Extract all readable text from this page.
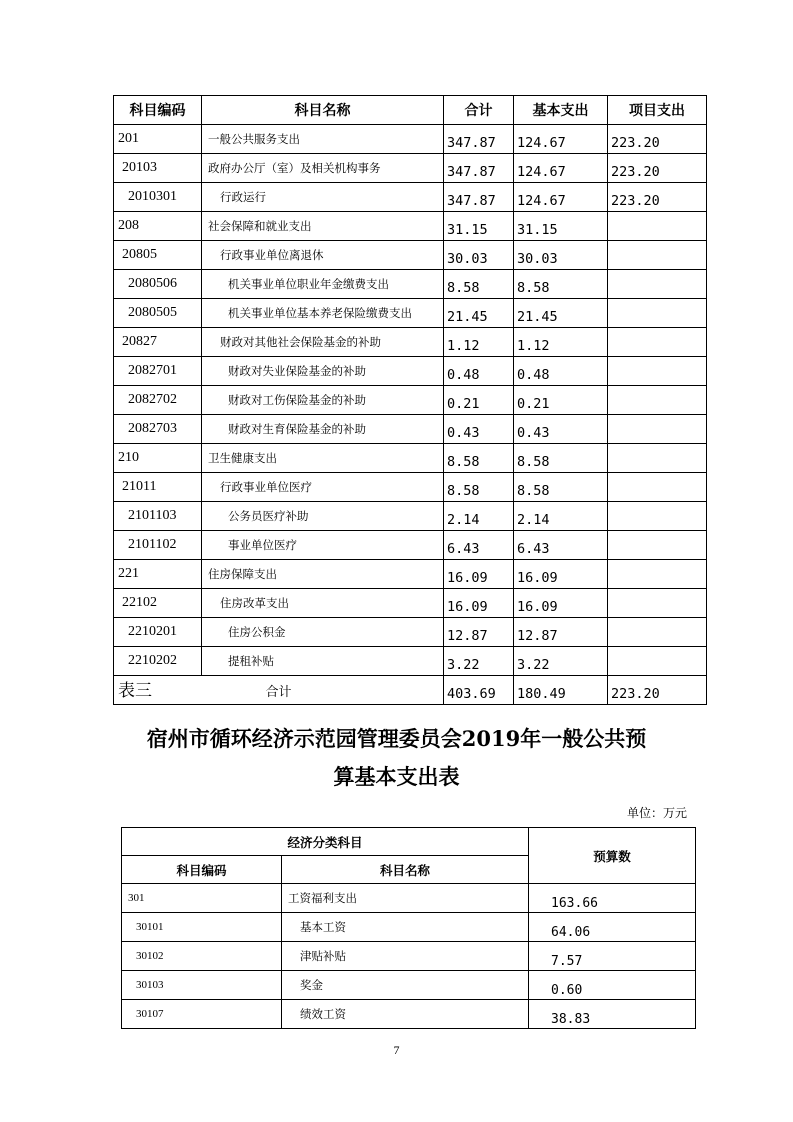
科目编码	科目名称	合计	基本支出	项目支出
201	一般公共服务支出	347.87	124.67	223.20
20103	政府办公厅（室）及相关机构事务	347.87	124.67	223.20
2010301	行政运行	347.87	124.67	223.20
208	社会保障和就业支出	31.15	31.15	
20805	行政事业单位离退休	30.03	30.03	
2080506	机关事业单位职业年金缴费支出	8.58	8.58	
2080505	机关事业单位基本养老保险缴费支出	21.45	21.45	
20827	财政对其他社会保险基金的补助	1.12	1.12	
2082701	财政对失业保险基金的补助	0.48	0.48	
2082702	财政对工伤保险基金的补助	0.21	0.21	
2082703	财政对生育保险基金的补助	0.43	0.43	
210	卫生健康支出	8.58	8.58	
21011	行政事业单位医疗	8.58	8.58	
2101103	公务员医疗补助	2.14	2.14	
2101102	事业单位医疗	6.43	6.43	
221	住房保障支出	16.09	16.09	
22102	住房改革支出	16.09	16.09	
2210201	住房公积金	12.87	12.87	
2210202	提租补贴	3.22	3.22	
合计		403.69	180.49	223.20
表三
宿州市循环经济示范园管理委员会2019年一般公共预
算基本支出表
单位：万元
经济分类科目		预算数
科目编码	科目名称	
301	工资福利支出	163.66
30101	基本工资	64.06
30102	津贴补贴	7.57
30103	奖金	0.60
30107	绩效工资	38.83
7
